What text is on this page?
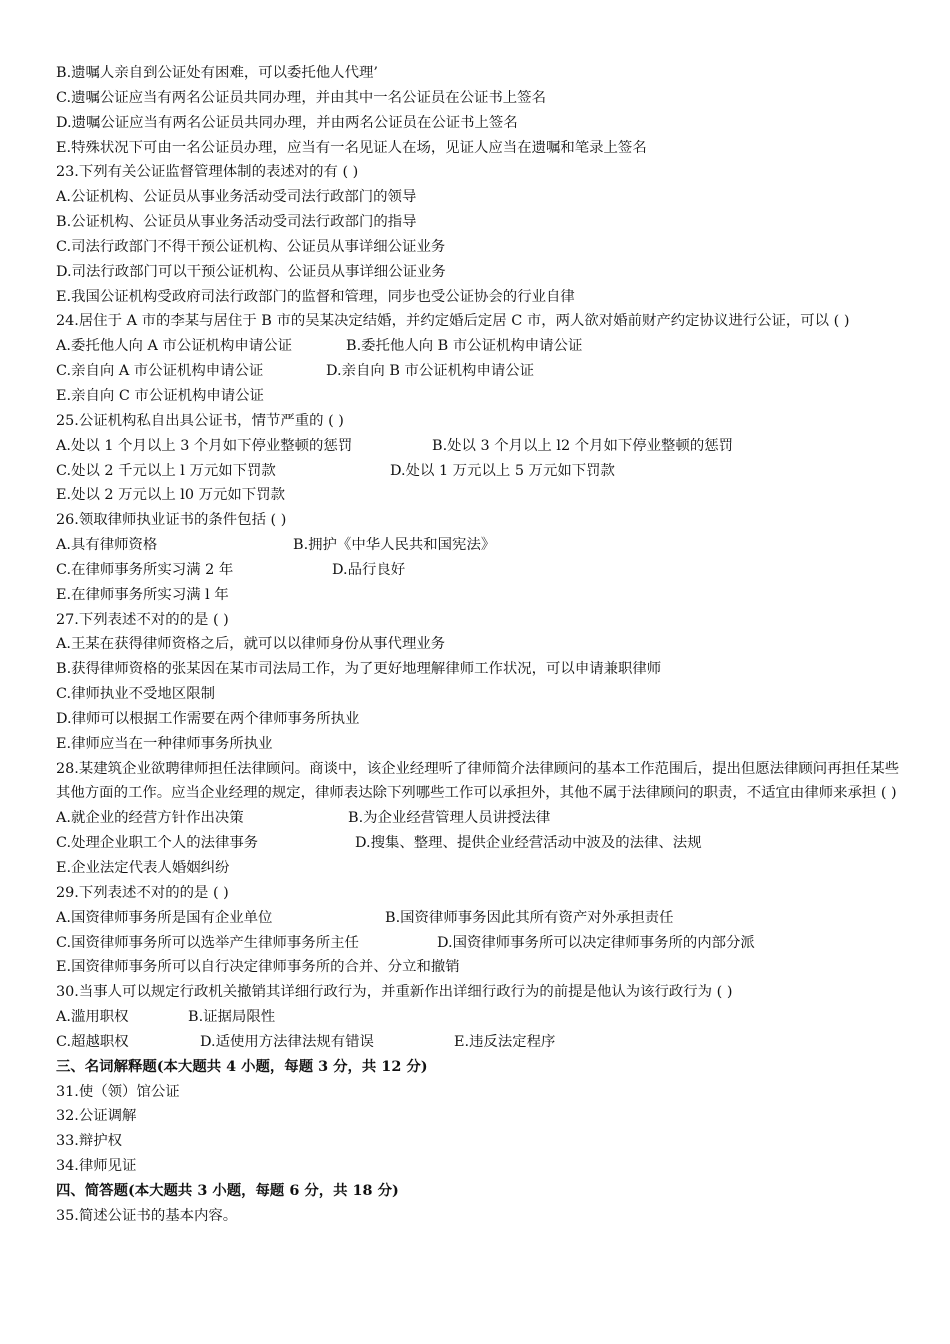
B.遗嘱人亲自到公证处有困难，可以委托他人代理’
C.遗嘱公证应当有两名公证员共同办理，并由其中一名公证员在公证书上签名
D.遗嘱公证应当有两名公证员共同办理，并由两名公证员在公证书上签名
E.特殊状况下可由一名公证员办理，应当有一名见证人在场，见证人应当在遗嘱和笔录上签名
23.下列有关公证监督管理体制的表述对的有 ( )
A.公证机构、公证员从事业务活动受司法行政部门的领导
B.公证机构、公证员从事业务活动受司法行政部门的指导
C.司法行政部门不得干预公证机构、公证员从事详细公证业务
D.司法行政部门可以干预公证机构、公证员从事详细公证业务
E.我国公证机构受政府司法行政部门的监督和管理，同步也受公证协会的行业自律
24.居住于 A 市的李某与居住于 B 市的吴某决定结婚，并约定婚后定居 C 市，两人欲对婚前财产约定协议进行公证，可以 ( )
A.委托他人向 A 市公证机构申请公证	B.委托他人向 B 市公证机构申请公证
C.亲自向 A 市公证机构申请公证	D.亲自向 B 市公证机构申请公证
E.亲自向 C 市公证机构申请公证
25.公证机构私自出具公证书，情节严重的 ( )
A.处以 1 个月以上 3 个月如下停业整顿的惩罚	B.处以 3 个月以上 l2 个月如下停业整顿的惩罚
C.处以 2 千元以上 l 万元如下罚款	D.处以 1 万元以上 5 万元如下罚款
E.处以 2 万元以上 l0 万元如下罚款
26.领取律师执业证书的条件包括 ( )
A.具有律师资格	B.拥护《中华人民共和国宪法》
C.在律师事务所实习满 2 年	D.品行良好
E.在律师事务所实习满 l 年
27.下列表述不对的的是 ( )
A.王某在获得律师资格之后，就可以以律师身份从事代理业务
B.获得律师资格的张某因在某市司法局工作，为了更好地理解律师工作状况，可以申请兼职律师
C.律师执业不受地区限制
D.律师可以根据工作需要在两个律师事务所执业
E.律师应当在一种律师事务所执业
28.某建筑企业欲聘律师担任法律顾问。商谈中，该企业经理听了律师简介法律顾问的基本工作范围后，提出但愿法律顾问再担任某些其他方面的工作。应当企业经理的规定，律师表达除下列哪些工作可以承担外，其他不属于法律顾问的职责，不适宜由律师来承担 ( )
A.就企业的经营方针作出决策	B.为企业经营管理人员讲授法律
C.处理企业职工个人的法律事务	D.搜集、整理、提供企业经营活动中波及的法律、法规
E.企业法定代表人婚姻纠纷
29.下列表述不对的的是 ( )
A.国资律师事务所是国有企业单位	B.国资律师事务因此其所有资产对外承担责任
C.国资律师事务所可以选举产生律师事务所主任	D.国资律师事务所可以决定律师事务所的内部分派
E.国资律师事务所可以自行决定律师事务所的合并、分立和撤销
30.当事人可以规定行政机关撤销其详细行政行为，并重新作出详细行政行为的前提是他认为该行政行为 ( )
A.滥用职权	B.证据局限性
C.超越职权	D.适使用方法律法规有错误	E.违反法定程序
三、名词解释题(本大题共 4 小题，每题 3 分，共 12 分)
31.使（领）馆公证
32.公证调解
33.辩护权
34.律师见证
四、简答题(本大题共 3 小题，每题 6 分，共 18 分)
35.简述公证书的基本内容。
